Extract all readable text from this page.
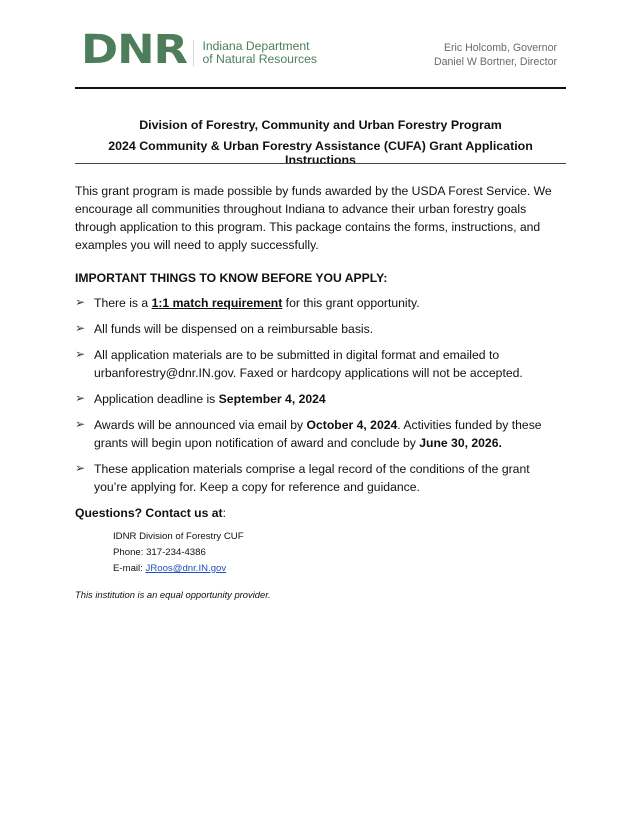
DNR Indiana Department
of Natural Resources
Eric Holcomb, Governor
Daniel W Bortner, Director
Division of Forestry, Community and Urban Forestry Program
2024 Community & Urban Forestry Assistance (CUFA) Grant Application Instructions

This grant program is made possible by funds awarded by the USDA Forest Service. We encourage all communities throughout Indiana to advance their urban forestry goals through application to this program. This package contains the forms, instructions, and examples you will need to apply successfully.

IMPORTANT THINGS TO KNOW BEFORE YOU APPLY:

➢ There is a 1:1 match requirement for this grant opportunity.
➢ All funds will be dispensed on a reimbursable basis.
➢ All application materials are to be submitted in digital format and emailed to urbanforestry@dnr.IN.gov. Faxed or hardcopy applications will not be accepted.
➢ Application deadline is September 4, 2024
➢ Awards will be announced via email by October 4, 2024. Activities funded by these grants will begin upon notification of award and conclude by June 30, 2026.
➢ These application materials comprise a legal record of the conditions of the grant you’re applying for. Keep a copy for reference and guidance.
Questions? Contact us at:
IDNR Division of Forestry CUF
Phone: 317-234-4386
E-mail: JRoos@dnr.IN.gov
This institution is an equal opportunity provider.
